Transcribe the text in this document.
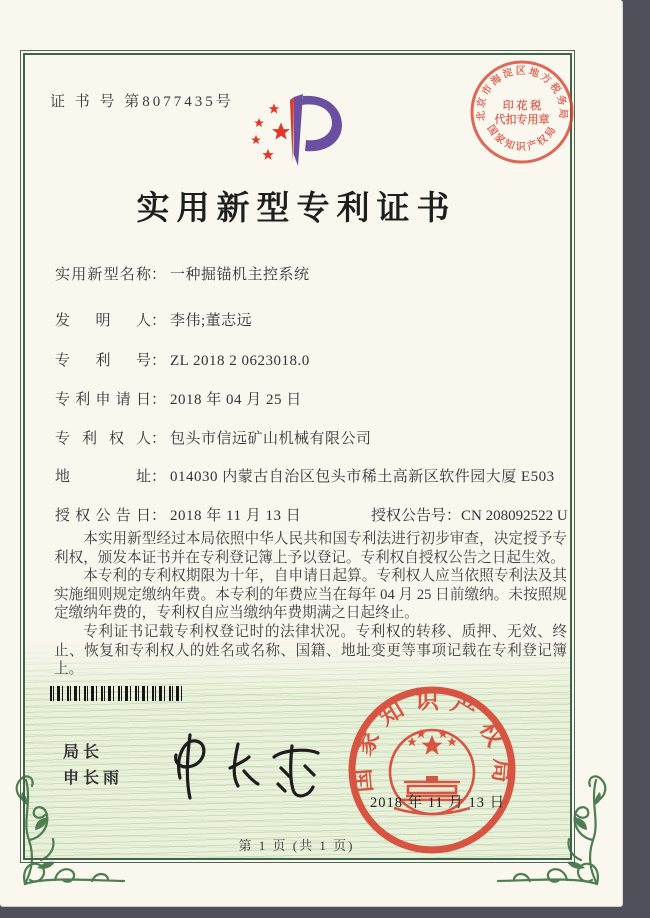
证 书 号 第8077435号
实用新型专利证书
实用新型名称： 一种掘锚机主控系统
发明人： 李伟;董志远
专利号： ZL 2018 2 0623018.0
专利申请日： 2018 年 04 月 25 日
专利权人： 包头市信远矿山机械有限公司
地址： 014030 内蒙古自治区包头市稀土高新区软件园大厦 E503
授权公告日： 2018 年 11 月 13 日	授权公告号：CN 208092522 U

本实用新型经过本局依照中华人民共和国专利法进行初步审查，决定授予专利权，颁发本证书并在专利登记簿上予以登记。专利权自授权公告之日起生效。

本专利的专利权期限为十年，自申请日起算。专利权人应当依照专利法及其实施细则规定缴纳年费。本专利的年费应当在每年 04 月 25 日前缴纳。未按照规定缴纳年费的，专利权自应当缴纳年费期满之日起终止。

专利证书记载专利权登记时的法律状况。专利权的转移、质押、无效、终止、恢复和专利权人的姓名或名称、国籍、地址变更等事项记载在专利登记簿上。

局长
申长雨	国家知识产权局
2018 年 11 月 13 日
北京市海淀区地方税务局
国家知识产权局
印 花 税
代扣专用章
第 1 页 (共 1 页)
